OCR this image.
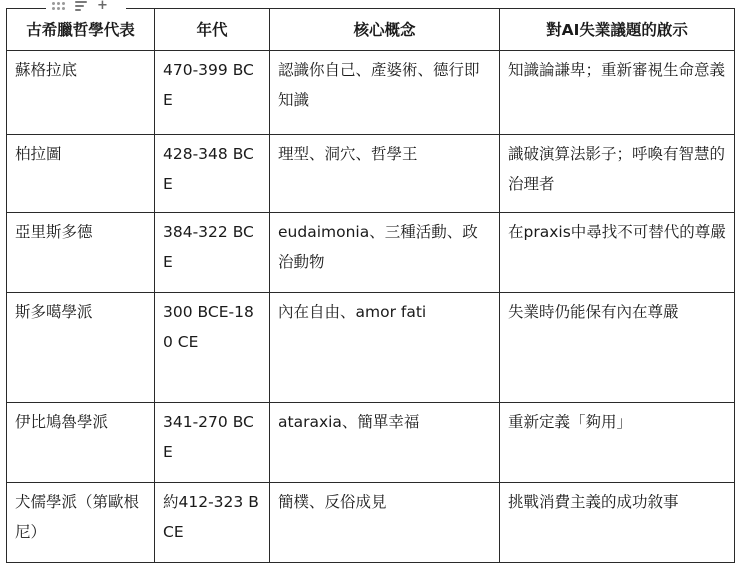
+
古希臘哲學代表	年代	核心概念	對AI失業議題的啟示
蘇格拉底	470-399 BCE	認識你自己、產婆術、德行即知識	知識論謙卑；重新審視生命意義
柏拉圖	428-348 BCE	理型、洞穴、哲學王	識破演算法影子；呼喚有智慧的治理者
亞里斯多德	384-322 BCE	eudaimonia、三種活動、政治動物	在praxis中尋找不可替代的尊嚴
斯多噶學派	300 BCE-180 CE	內在自由、amor fati	失業時仍能保有內在尊嚴
伊比鳩魯學派	341-270 BCE	ataraxia、簡單幸福	重新定義「夠用」
犬儒學派（第歐根尼）	約412-323 BCE	簡樸、反俗成見	挑戰消費主義的成功敘事
